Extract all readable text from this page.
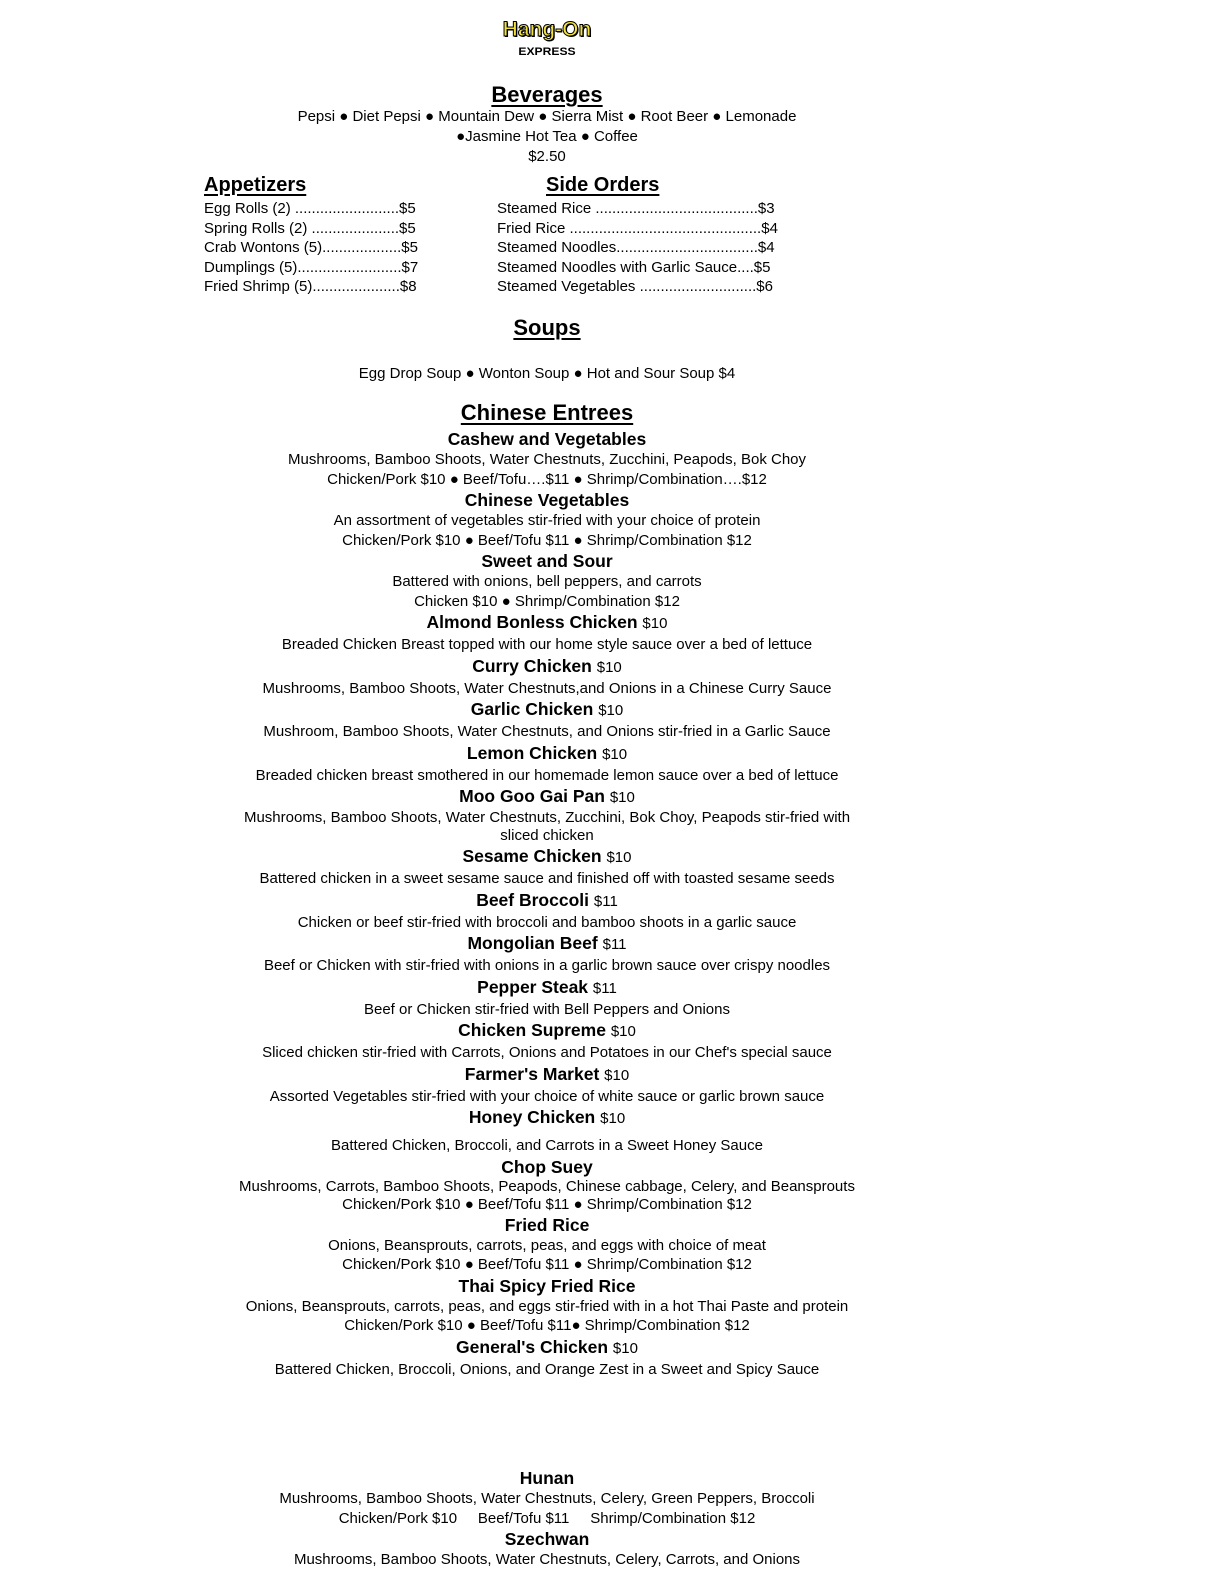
Hang-On
EXPRESS
Beverages
Pepsi ● Diet Pepsi ● Mountain Dew ● Sierra Mist ● Root Beer ● Lemonade
●Jasmine Hot Tea ● Coffee
$2.50
Appetizers
Egg Rolls (2) .........................$5
Spring Rolls (2) .....................$5
Crab Wontons (5)...................$5
Dumplings (5).........................$7
Fried Shrimp (5).....................$8
Side Orders
Steamed Rice .......................................$3
Fried Rice ..............................................$4
Steamed Noodles..................................$4
Steamed Noodles with Garlic Sauce....$5
Steamed Vegetables ............................$6
Soups
Egg Drop Soup ● Wonton Soup ● Hot and Sour Soup $4
Chinese Entrees
Cashew and Vegetables
Mushrooms, Bamboo Shoots, Water Chestnuts, Zucchini, Peapods, Bok Choy
Chicken/Pork $10 ● Beef/Tofu….$11 ● Shrimp/Combination….$12
Chinese Vegetables
An assortment of vegetables stir-fried with your choice of protein
Chicken/Pork $10 ● Beef/Tofu $11 ● Shrimp/Combination $12
Sweet and Sour
Battered with onions, bell peppers, and carrots
Chicken $10 ● Shrimp/Combination $12
Almond Bonless Chicken $10
Breaded Chicken Breast topped with our home style sauce over a bed of lettuce
Curry Chicken $10
Mushrooms, Bamboo Shoots, Water Chestnuts,and Onions in a Chinese Curry Sauce
Garlic Chicken $10
Mushroom, Bamboo Shoots, Water Chestnuts, and Onions stir-fried in a Garlic Sauce
Lemon Chicken $10
Breaded chicken breast smothered in our homemade lemon sauce over a bed of lettuce
Moo Goo Gai Pan $10
Mushrooms, Bamboo Shoots, Water Chestnuts, Zucchini, Bok Choy, Peapods stir-fried with
sliced chicken
Sesame Chicken $10
Battered chicken in a sweet sesame sauce and finished off with toasted sesame seeds
Beef Broccoli $11
Chicken or beef stir-fried with broccoli and bamboo shoots in a garlic sauce
Mongolian Beef $11
Beef or Chicken with stir-fried with onions in a garlic brown sauce over crispy noodles
Pepper Steak $11
Beef or Chicken stir-fried with Bell Peppers and Onions
Chicken Supreme $10
Sliced chicken stir-fried with Carrots, Onions and Potatoes in our Chef's special sauce
Farmer's Market $10
Assorted Vegetables stir-fried with your choice of white sauce or garlic brown sauce
Honey Chicken $10
Battered Chicken, Broccoli, and Carrots in a Sweet Honey Sauce
Chop Suey
Mushrooms, Carrots, Bamboo Shoots, Peapods, Chinese cabbage, Celery, and Beansprouts
Chicken/Pork $10 ● Beef/Tofu $11 ● Shrimp/Combination $12
Fried Rice
Onions, Beansprouts, carrots, peas, and eggs with choice of meat
Chicken/Pork $10 ● Beef/Tofu $11 ● Shrimp/Combination $12
Thai Spicy Fried Rice
Onions, Beansprouts, carrots, peas, and eggs stir-fried with in a hot Thai Paste and protein
Chicken/Pork $10 ● Beef/Tofu $11● Shrimp/Combination $12
General's Chicken $10
Battered Chicken, Broccoli, Onions, and Orange Zest in a Sweet and Spicy Sauce
Hunan
Mushrooms, Bamboo Shoots, Water Chestnuts, Celery, Green Peppers, Broccoli
Chicken/Pork $10     Beef/Tofu $11     Shrimp/Combination $12
Szechwan
Mushrooms, Bamboo Shoots, Water Chestnuts, Celery, Carrots, and Onions
